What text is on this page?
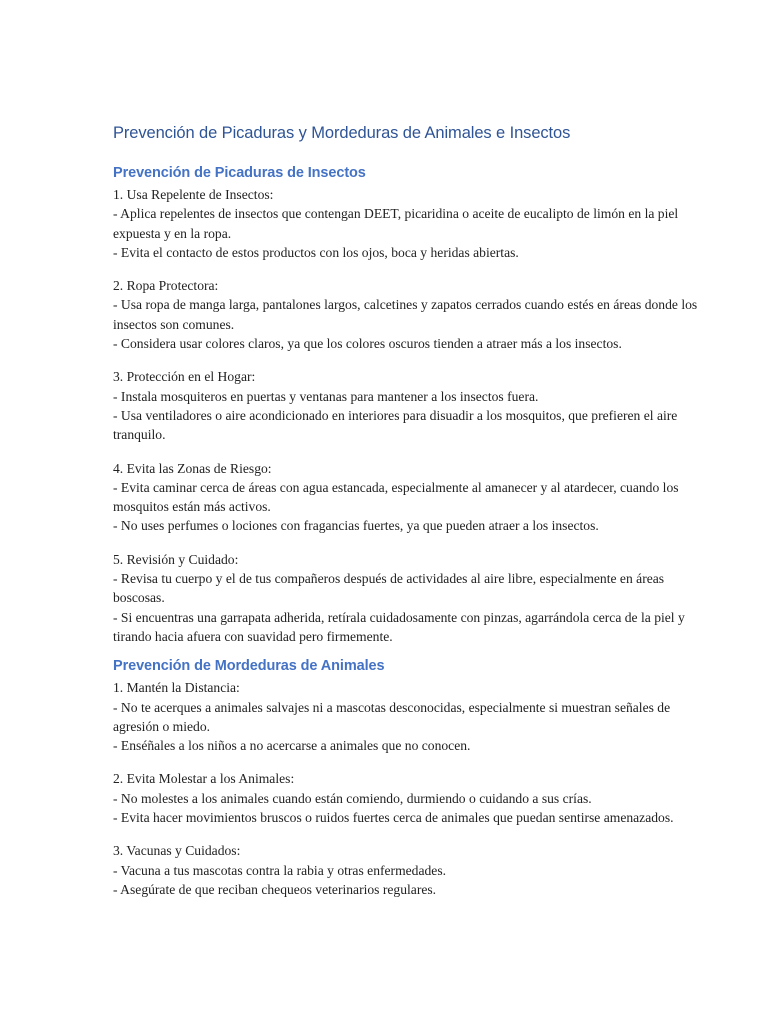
Prevención de Picaduras y Mordeduras de Animales e Insectos
Prevención de Picaduras de Insectos

1. Usa Repelente de Insectos:
- Aplica repelentes de insectos que contengan DEET, picaridina o aceite de eucalipto de limón en la piel expuesta y en la ropa.
- Evita el contacto de estos productos con los ojos, boca y heridas abiertas.

2. Ropa Protectora:
- Usa ropa de manga larga, pantalones largos, calcetines y zapatos cerrados cuando estés en áreas donde los insectos son comunes.
- Considera usar colores claros, ya que los colores oscuros tienden a atraer más a los insectos.

3. Protección en el Hogar:
- Instala mosquiteros en puertas y ventanas para mantener a los insectos fuera.
- Usa ventiladores o aire acondicionado en interiores para disuadir a los mosquitos, que prefieren el aire tranquilo.

4. Evita las Zonas de Riesgo:
- Evita caminar cerca de áreas con agua estancada, especialmente al amanecer y al atardecer, cuando los mosquitos están más activos.
- No uses perfumes o lociones con fragancias fuertes, ya que pueden atraer a los insectos.

5. Revisión y Cuidado:
- Revisa tu cuerpo y el de tus compañeros después de actividades al aire libre, especialmente en áreas boscosas.
- Si encuentras una garrapata adherida, retírala cuidadosamente con pinzas, agarrándola cerca de la piel y tirando hacia afuera con suavidad pero firmemente.

Prevención de Mordeduras de Animales

1. Mantén la Distancia:
- No te acerques a animales salvajes ni a mascotas desconocidas, especialmente si muestran señales de agresión o miedo.
- Enséñales a los niños a no acercarse a animales que no conocen.

2. Evita Molestar a los Animales:
- No molestes a los animales cuando están comiendo, durmiendo o cuidando a sus crías.
- Evita hacer movimientos bruscos o ruidos fuertes cerca de animales que puedan sentirse amenazados.

3. Vacunas y Cuidados:
- Vacuna a tus mascotas contra la rabia y otras enfermedades.
- Asegúrate de que reciban chequeos veterinarios regulares.
